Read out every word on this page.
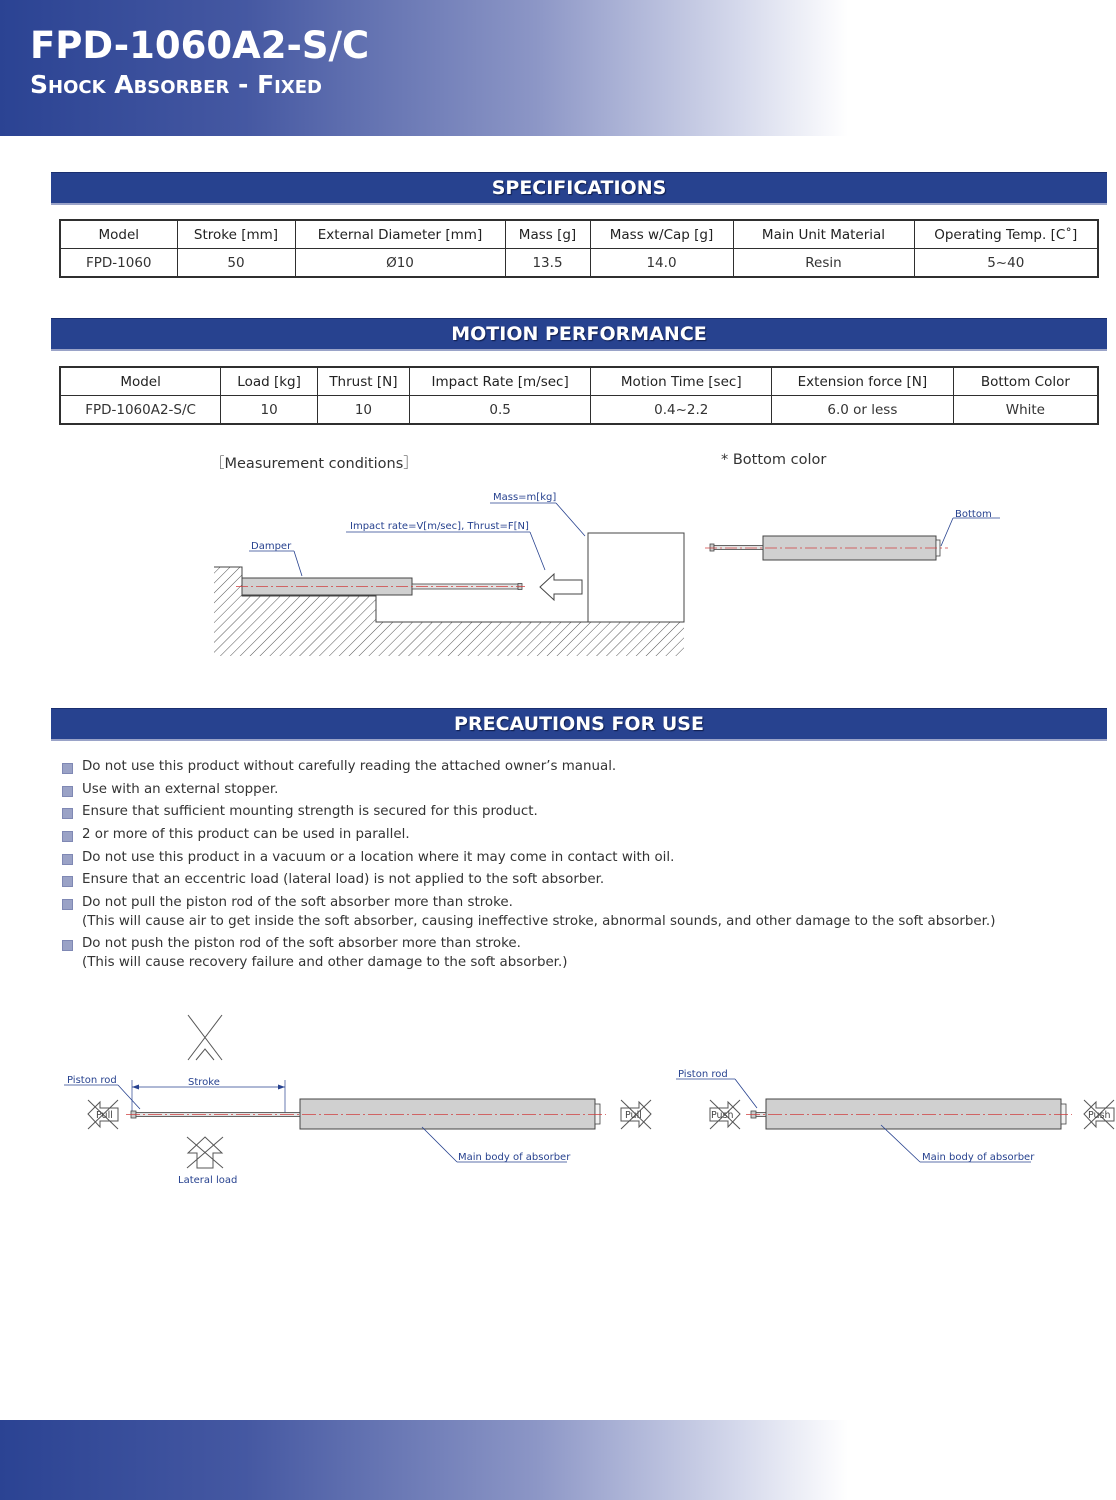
FPD-1060A2-S/C
Shock Absorber - Fixed
SPECIFICATIONS
Model	Stroke [mm]	External Diameter [mm]	Mass [g]	Mass w/Cap [g]	Main Unit Material	Operating Temp. [C˚]
FPD-1060	50	Ø10	13.5	14.0	Resin	5~40
MOTION PERFORMANCE
Model	Load [kg]	Thrust [N]	Impact Rate [m/sec]	Motion Time [sec]	Extension force [N]	Bottom Color
FPD-1060A2-S/C	10	10	0.5	0.4~2.2	6.0 or less	White
［Measurement conditions］	* Bottom color
Damper
Impact rate=V[m/sec], Thrust=F[N]
Mass=m[kg]
Bottom
PRECAUTIONS FOR USE
Do not use this product without carefully reading the attached owner’s manual.
Use with an external stopper.
Ensure that sufficient mounting strength is secured for this product.
2 or more of this product can be used in parallel.
Do not use this product in a vacuum or a location where it may come in contact with oil.
Ensure that an eccentric load (lateral load) is not applied to the soft absorber.
Do not pull the piston rod of the soft absorber more than stroke.
(This will cause air to get inside the soft absorber, causing ineffective stroke, abnormal sounds, and other damage to the soft absorber.)
Do not push the piston rod of the soft absorber more than stroke.
(This will cause recovery failure and other damage to the soft absorber.)
Stroke
Piston rod
Main body of absorber
Pull	Pull
Lateral load
Piston rod
Main body of absorber
Push	Push
